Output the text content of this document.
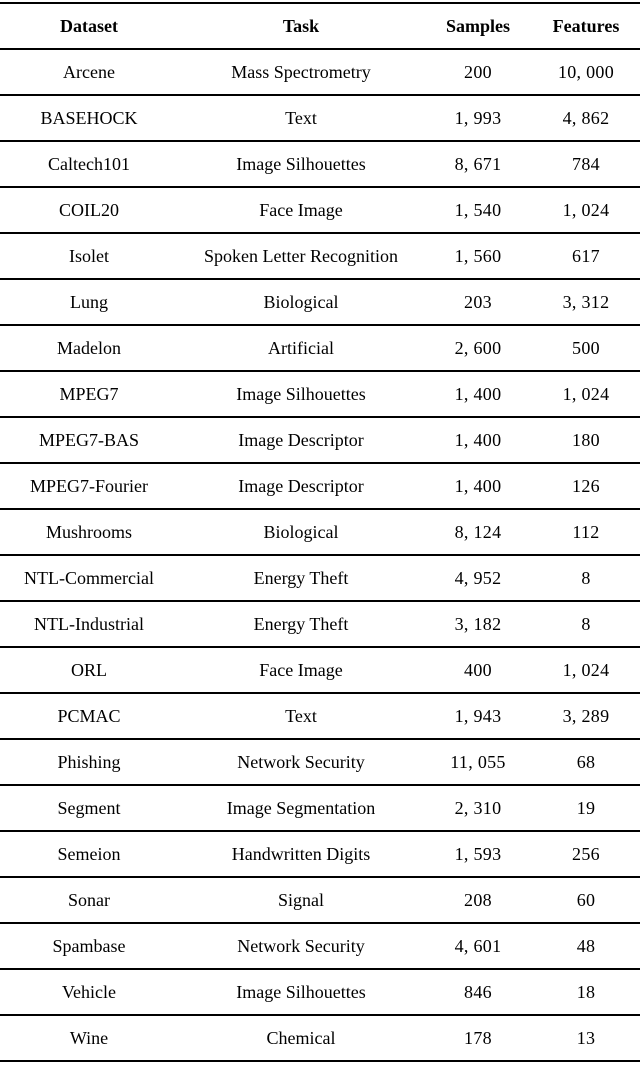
Dataset	Task	Samples	Features
Arcene	Mass Spectrometry	200	10, 000
BASEHOCK	Text	1, 993	4, 862
Caltech101	Image Silhouettes	8, 671	784
COIL20	Face Image	1, 540	1, 024
Isolet	Spoken Letter Recognition	1, 560	617
Lung	Biological	203	3, 312
Madelon	Artificial	2, 600	500
MPEG7	Image Silhouettes	1, 400	1, 024
MPEG7-BAS	Image Descriptor	1, 400	180
MPEG7-Fourier	Image Descriptor	1, 400	126
Mushrooms	Biological	8, 124	112
NTL-Commercial	Energy Theft	4, 952	8
NTL-Industrial	Energy Theft	3, 182	8
ORL	Face Image	400	1, 024
PCMAC	Text	1, 943	3, 289
Phishing	Network Security	11, 055	68
Segment	Image Segmentation	2, 310	19
Semeion	Handwritten Digits	1, 593	256
Sonar	Signal	208	60
Spambase	Network Security	4, 601	48
Vehicle	Image Silhouettes	846	18
Wine	Chemical	178	13
